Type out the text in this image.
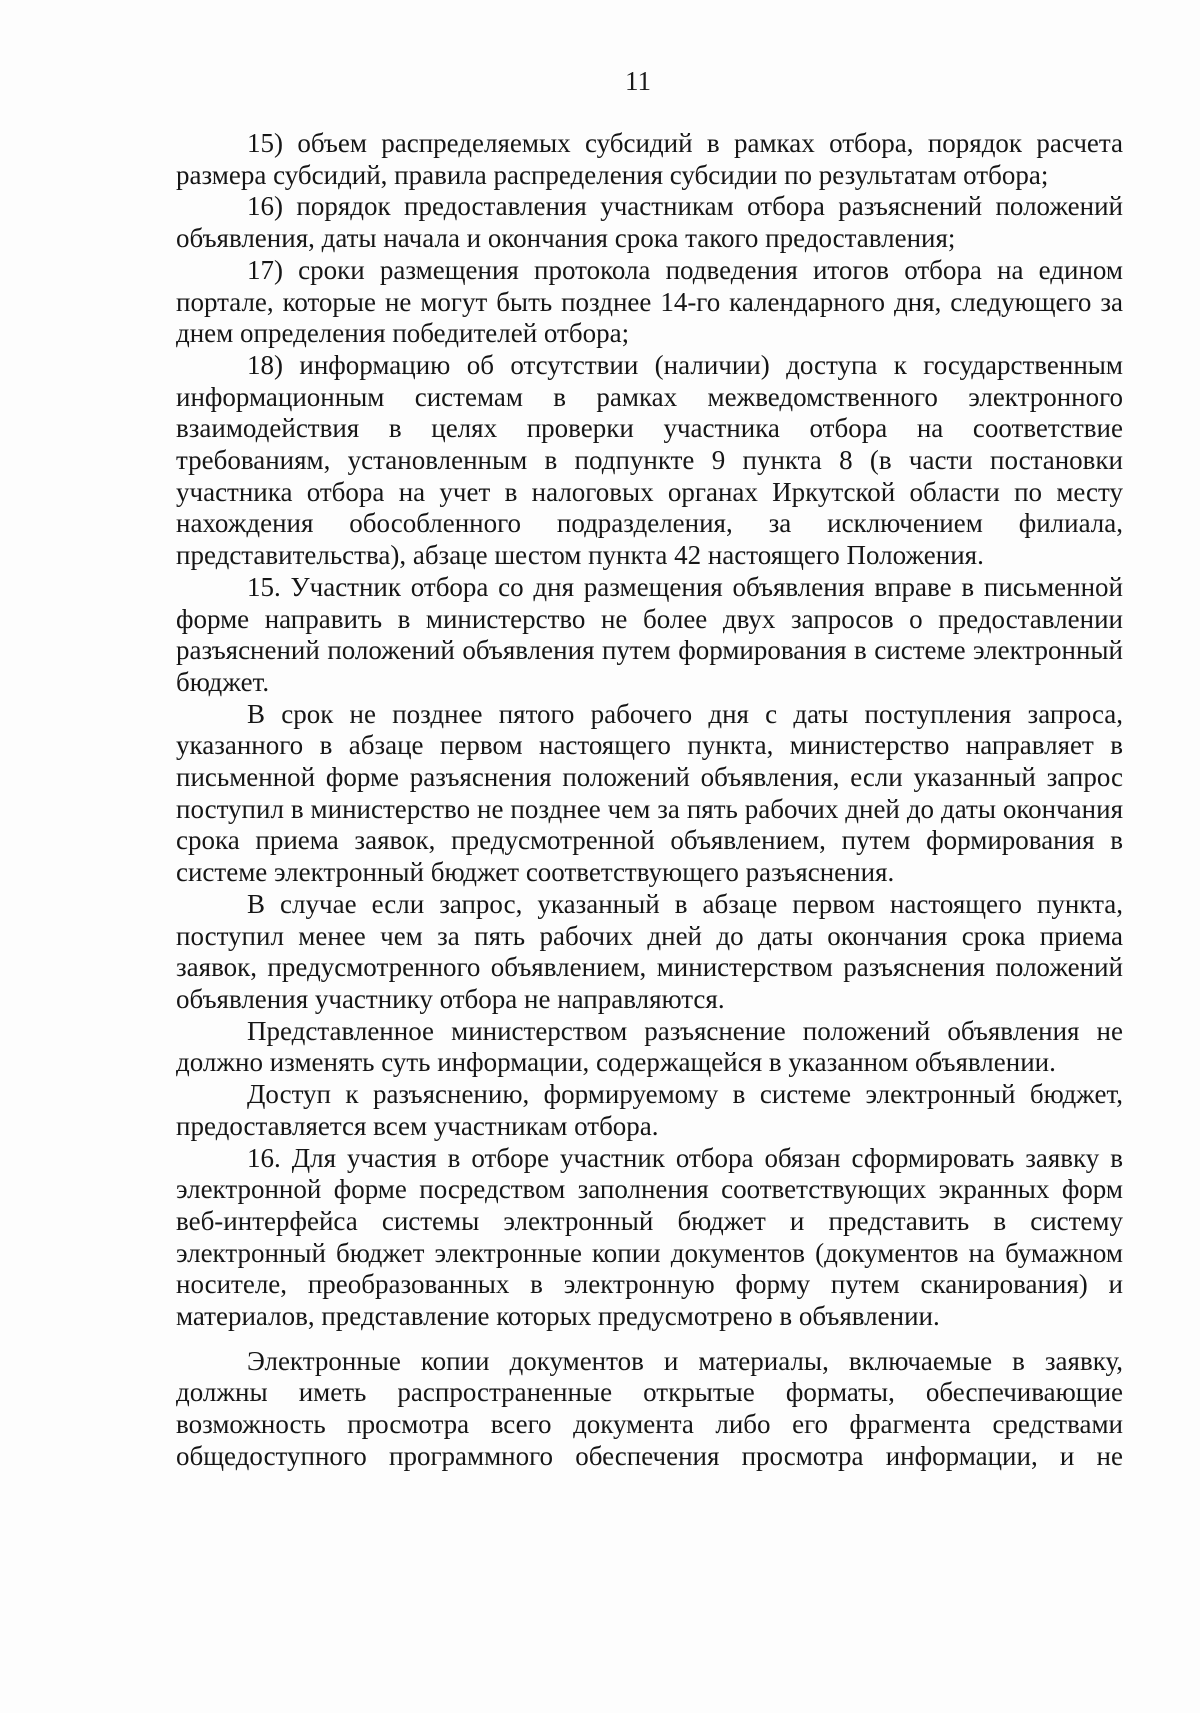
11

15) объем распределяемых субсидий в рамках отбора, порядок расчета размера субсидий, правила распределения субсидии по результатам отбора;

16) порядок предоставления участникам отбора разъяснений положений объявления, даты начала и окончания срока такого предоставления;

17) сроки размещения протокола подведения итогов отбора на едином портале, которые не могут быть позднее 14-го календарного дня, следующего за днем определения победителей отбора;

18) информацию об отсутствии (наличии) доступа к государственным информационным системам в рамках межведомственного электронного взаимодействия в целях проверки участника отбора на соответствие требованиям, установленным в подпункте 9 пункта 8 (в части постановки участника отбора на учет в налоговых органах Иркутской области по месту нахождения обособленного подразделения, за исключением филиала, представительства), абзаце шестом пункта 42 настоящего Положения.

15. Участник отбора со дня размещения объявления вправе в письменной форме направить в министерство не более двух запросов о предоставлении разъяснений положений объявления путем формирования в системе электронный бюджет.

В срок не позднее пятого рабочего дня с даты поступления запроса, указанного в абзаце первом настоящего пункта, министерство направляет в письменной форме разъяснения положений объявления, если указанный запрос поступил в министерство не позднее чем за пять рабочих дней до даты окончания срока приема заявок, предусмотренной объявлением, путем формирования в системе электронный бюджет соответствующего разъяснения.

В случае если запрос, указанный в абзаце первом настоящего пункта, поступил менее чем за пять рабочих дней до даты окончания срока приема заявок, предусмотренного объявлением, министерством разъяснения положений объявления участнику отбора не направляются.

Представленное министерством разъяснение положений объявления не должно изменять суть информации, содержащейся в указанном объявлении.

Доступ к разъяснению, формируемому в системе электронный бюджет, предоставляется всем участникам отбора.

16. Для участия в отборе участник отбора обязан сформировать заявку в электронной форме посредством заполнения соответствующих экранных форм веб-интерфейса системы электронный бюджет и представить в систему электронный бюджет электронные копии документов (документов на бумажном носителе, преобразованных в электронную форму путем сканирования) и материалов, представление которых предусмотрено в объявлении.

Электронные копии документов и материалы, включаемые в заявку, должны иметь распространенные открытые форматы, обеспечивающие возможность просмотра всего документа либо его фрагмента средствами общедоступного программного обеспечения просмотра информации, и не
